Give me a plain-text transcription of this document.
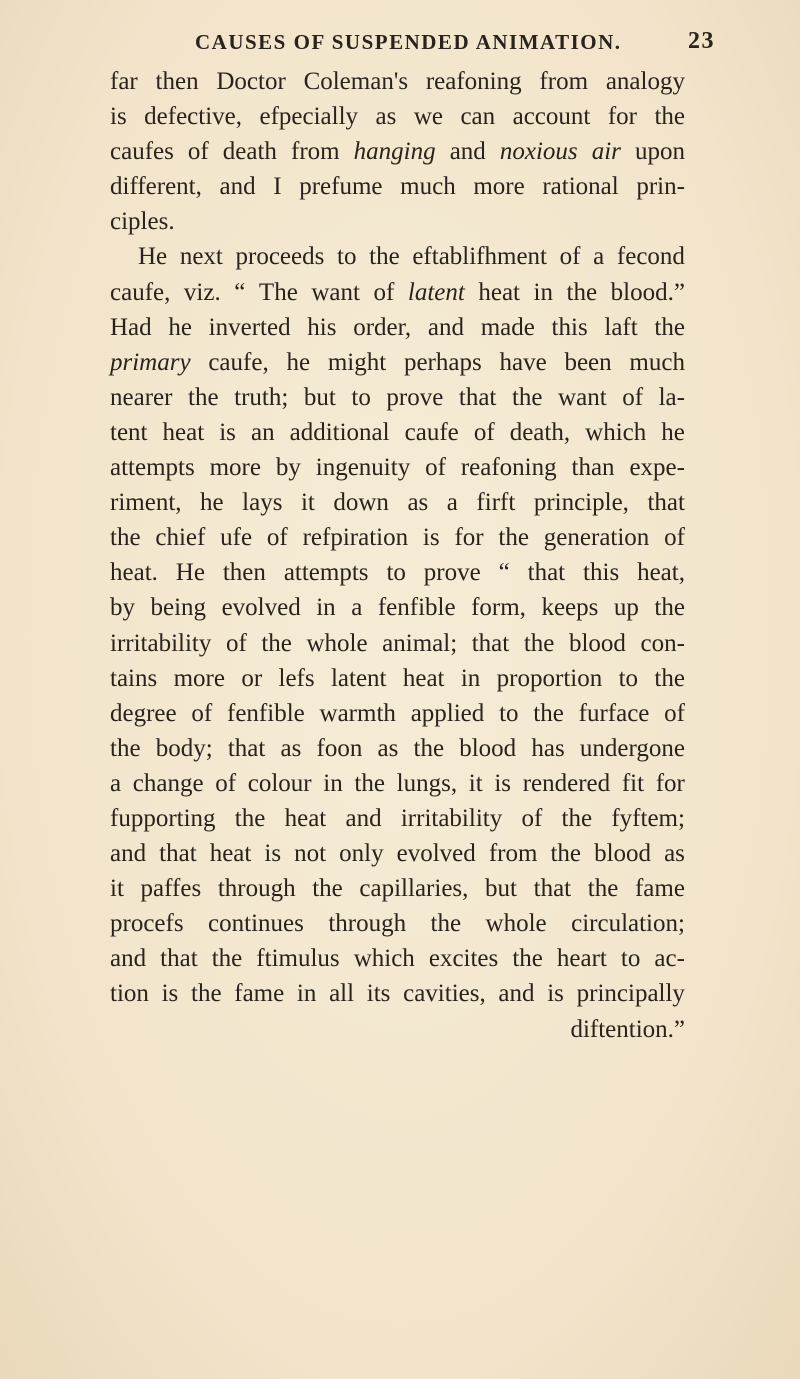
CAUSES OF SUSPENDED ANIMATION.	23
far then Doctor Coleman's reafoning from analogy
is defective, efpecially as we can account for the
caufes of death from hanging and noxious air upon
different, and I prefume much more rational prin-
ciples.
He next proceeds to the eftablifhment of a fecond
caufe, viz. “ The want of latent heat in the blood.”
Had he inverted his order, and made this laft the
primary caufe, he might perhaps have been much
nearer the truth; but to prove that the want of la-
tent heat is an additional caufe of death, which he
attempts more by ingenuity of reafoning than expe-
riment, he lays it down as a firft principle, that
the chief ufe of refpiration is for the generation of
heat. He then attempts to prove “ that this heat,
by being evolved in a fenfible form, keeps up the
irritability of the whole animal; that the blood con-
tains more or lefs latent heat in proportion to the
degree of fenfible warmth applied to the furface of
the body; that as foon as the blood has undergone
a change of colour in the lungs, it is rendered fit for
fupporting the heat and irritability of the fyftem;
and that heat is not only evolved from the blood as
it paffes through the capillaries, but that the fame
procefs continues through the whole circulation;
and that the ftimulus which excites the heart to ac-
tion is the fame in all its cavities, and is principally
diftention.”
